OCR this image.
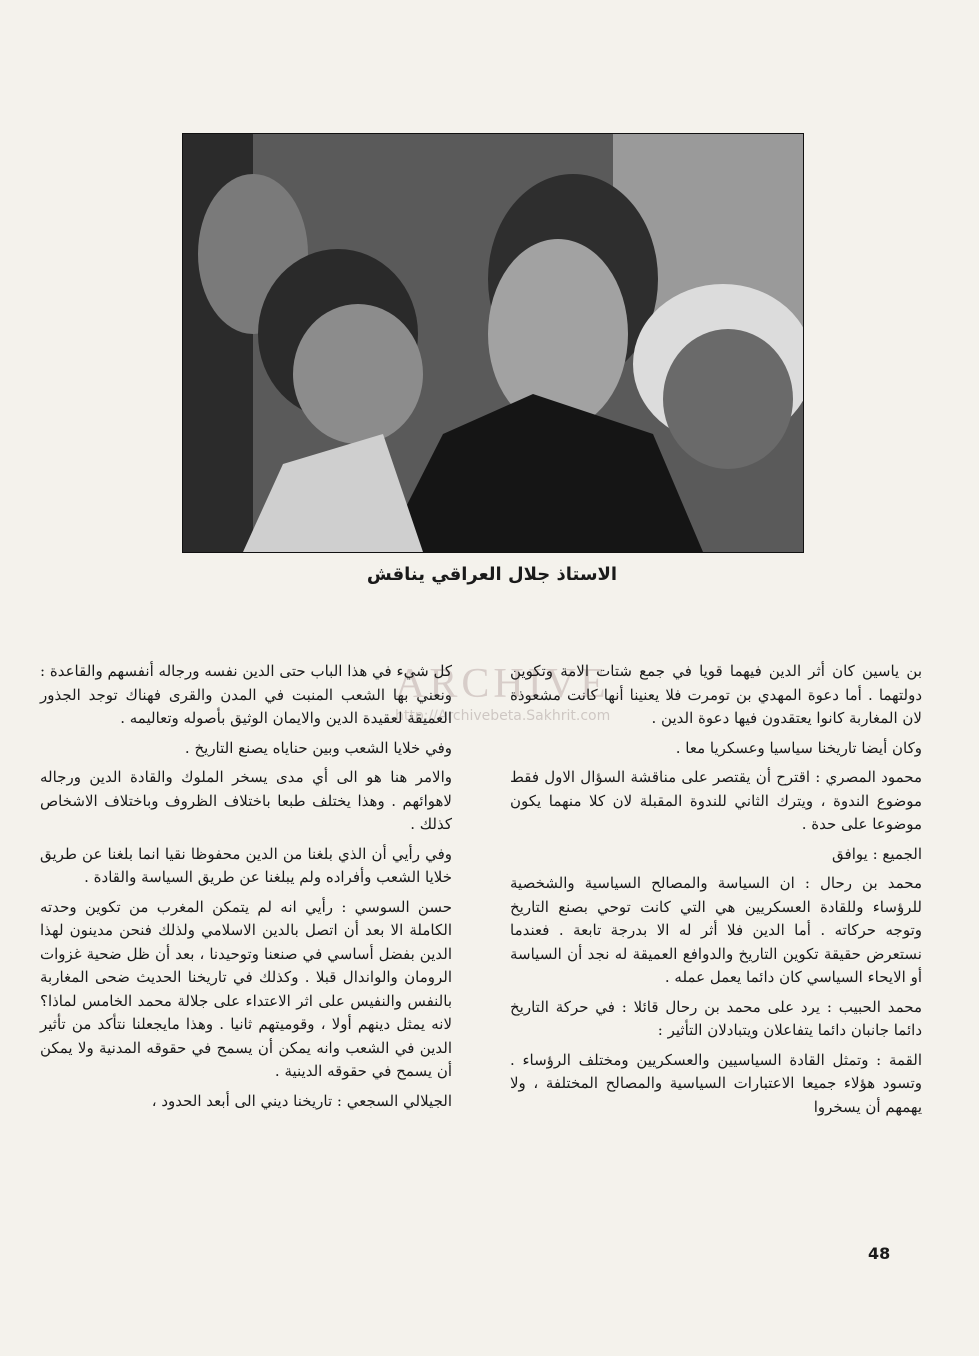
الاستاذ جلال العراقي يناقش
ARCHIVE
http://Archivebeta.Sakhrit.com

بن ياسين كان أثر الدين فيهما قويا في جمع شتات الامة وتكوين دولتهما . أما دعوة المهدي بن تومرت فلا يعنينا أنها كانت مشعوذة لان المغاربة كانوا يعتقدون فيها دعوة الدين .

وكان أيضا تاريخنا سياسيا وعسكريا معا .

محمود المصري : اقترح أن يقتصر على مناقشة السؤال الاول فقط موضوع الندوة ، ويترك الثاني للندوة المقبلة لان كلا منهما يكون موضوعا على حدة .

الجميع : يوافق

محمد بن رحال : ان السياسة والمصالح السياسية والشخصية للرؤساء وللقادة العسكريين هي التي كانت توحي بصنع التاريخ وتوجه حركاته . أما الدين فلا أثر له الا بدرجة تابعة . فعندما نستعرض حقيقة تكوين التاريخ والدوافع العميقة له نجد أن السياسة أو الايحاء السياسي كان دائما يعمل عمله .

محمد الحبيب : يرد على محمد بن رحال قائلا : في حركة التاريخ دائما جانبان دائما يتفاعلان ويتبادلان التأثير :

القمة : وتمثل القادة السياسيين والعسكريين ومختلف الرؤساء . وتسود هؤلاء جميعا الاعتبارات السياسية والمصالح المختلفة ، ولا يهمهم أن يسخروا

كل شيء في هذا الباب حتى الدين نفسه ورجاله أنفسهم والقاعدة : ونعني بها الشعب المنبت في المدن والقرى فهناك توجد الجذور العميقة لعقيدة الدين والايمان الوثيق بأصوله وتعاليمه .

وفي خلايا الشعب وبين حناياه يصنع التاريخ .

والامر هنا هو الى أي مدى يسخر الملوك والقادة الدين ورجاله لاهوائهم . وهذا يختلف طبعا باختلاف الظروف وباختلاف الاشخاص كذلك .

وفي رأيي أن الذي بلغنا من الدين محفوظا نقيا انما بلغنا عن طريق خلايا الشعب وأفراده ولم يبلغنا عن طريق السياسة والقادة .

حسن السوسي : رأيي انه لم يتمكن المغرب من تكوين وحدته الكاملة الا بعد أن اتصل بالدين الاسلامي ولذلك فنحن مدينون لهذا الدين بفضل أساسي في صنعنا وتوحيدنا ، بعد أن ظل ضحية غزوات الرومان والواندال قبلا . وكذلك في تاريخنا الحديث ضحى المغاربة بالنفس والنفيس على اثر الاعتداء على جلالة محمد الخامس لماذا؟ لانه يمثل دينهم أولا ، وقوميتهم ثانيا . وهذا مايجعلنا نتأكد من تأثير الدين في الشعب وانه يمكن أن يسمح في حقوقه المدنية ولا يمكن أن يسمح في حقوقه الدينية .

الجيلالي السجعي : تاريخنا ديني الى أبعد الحدود ،

48
